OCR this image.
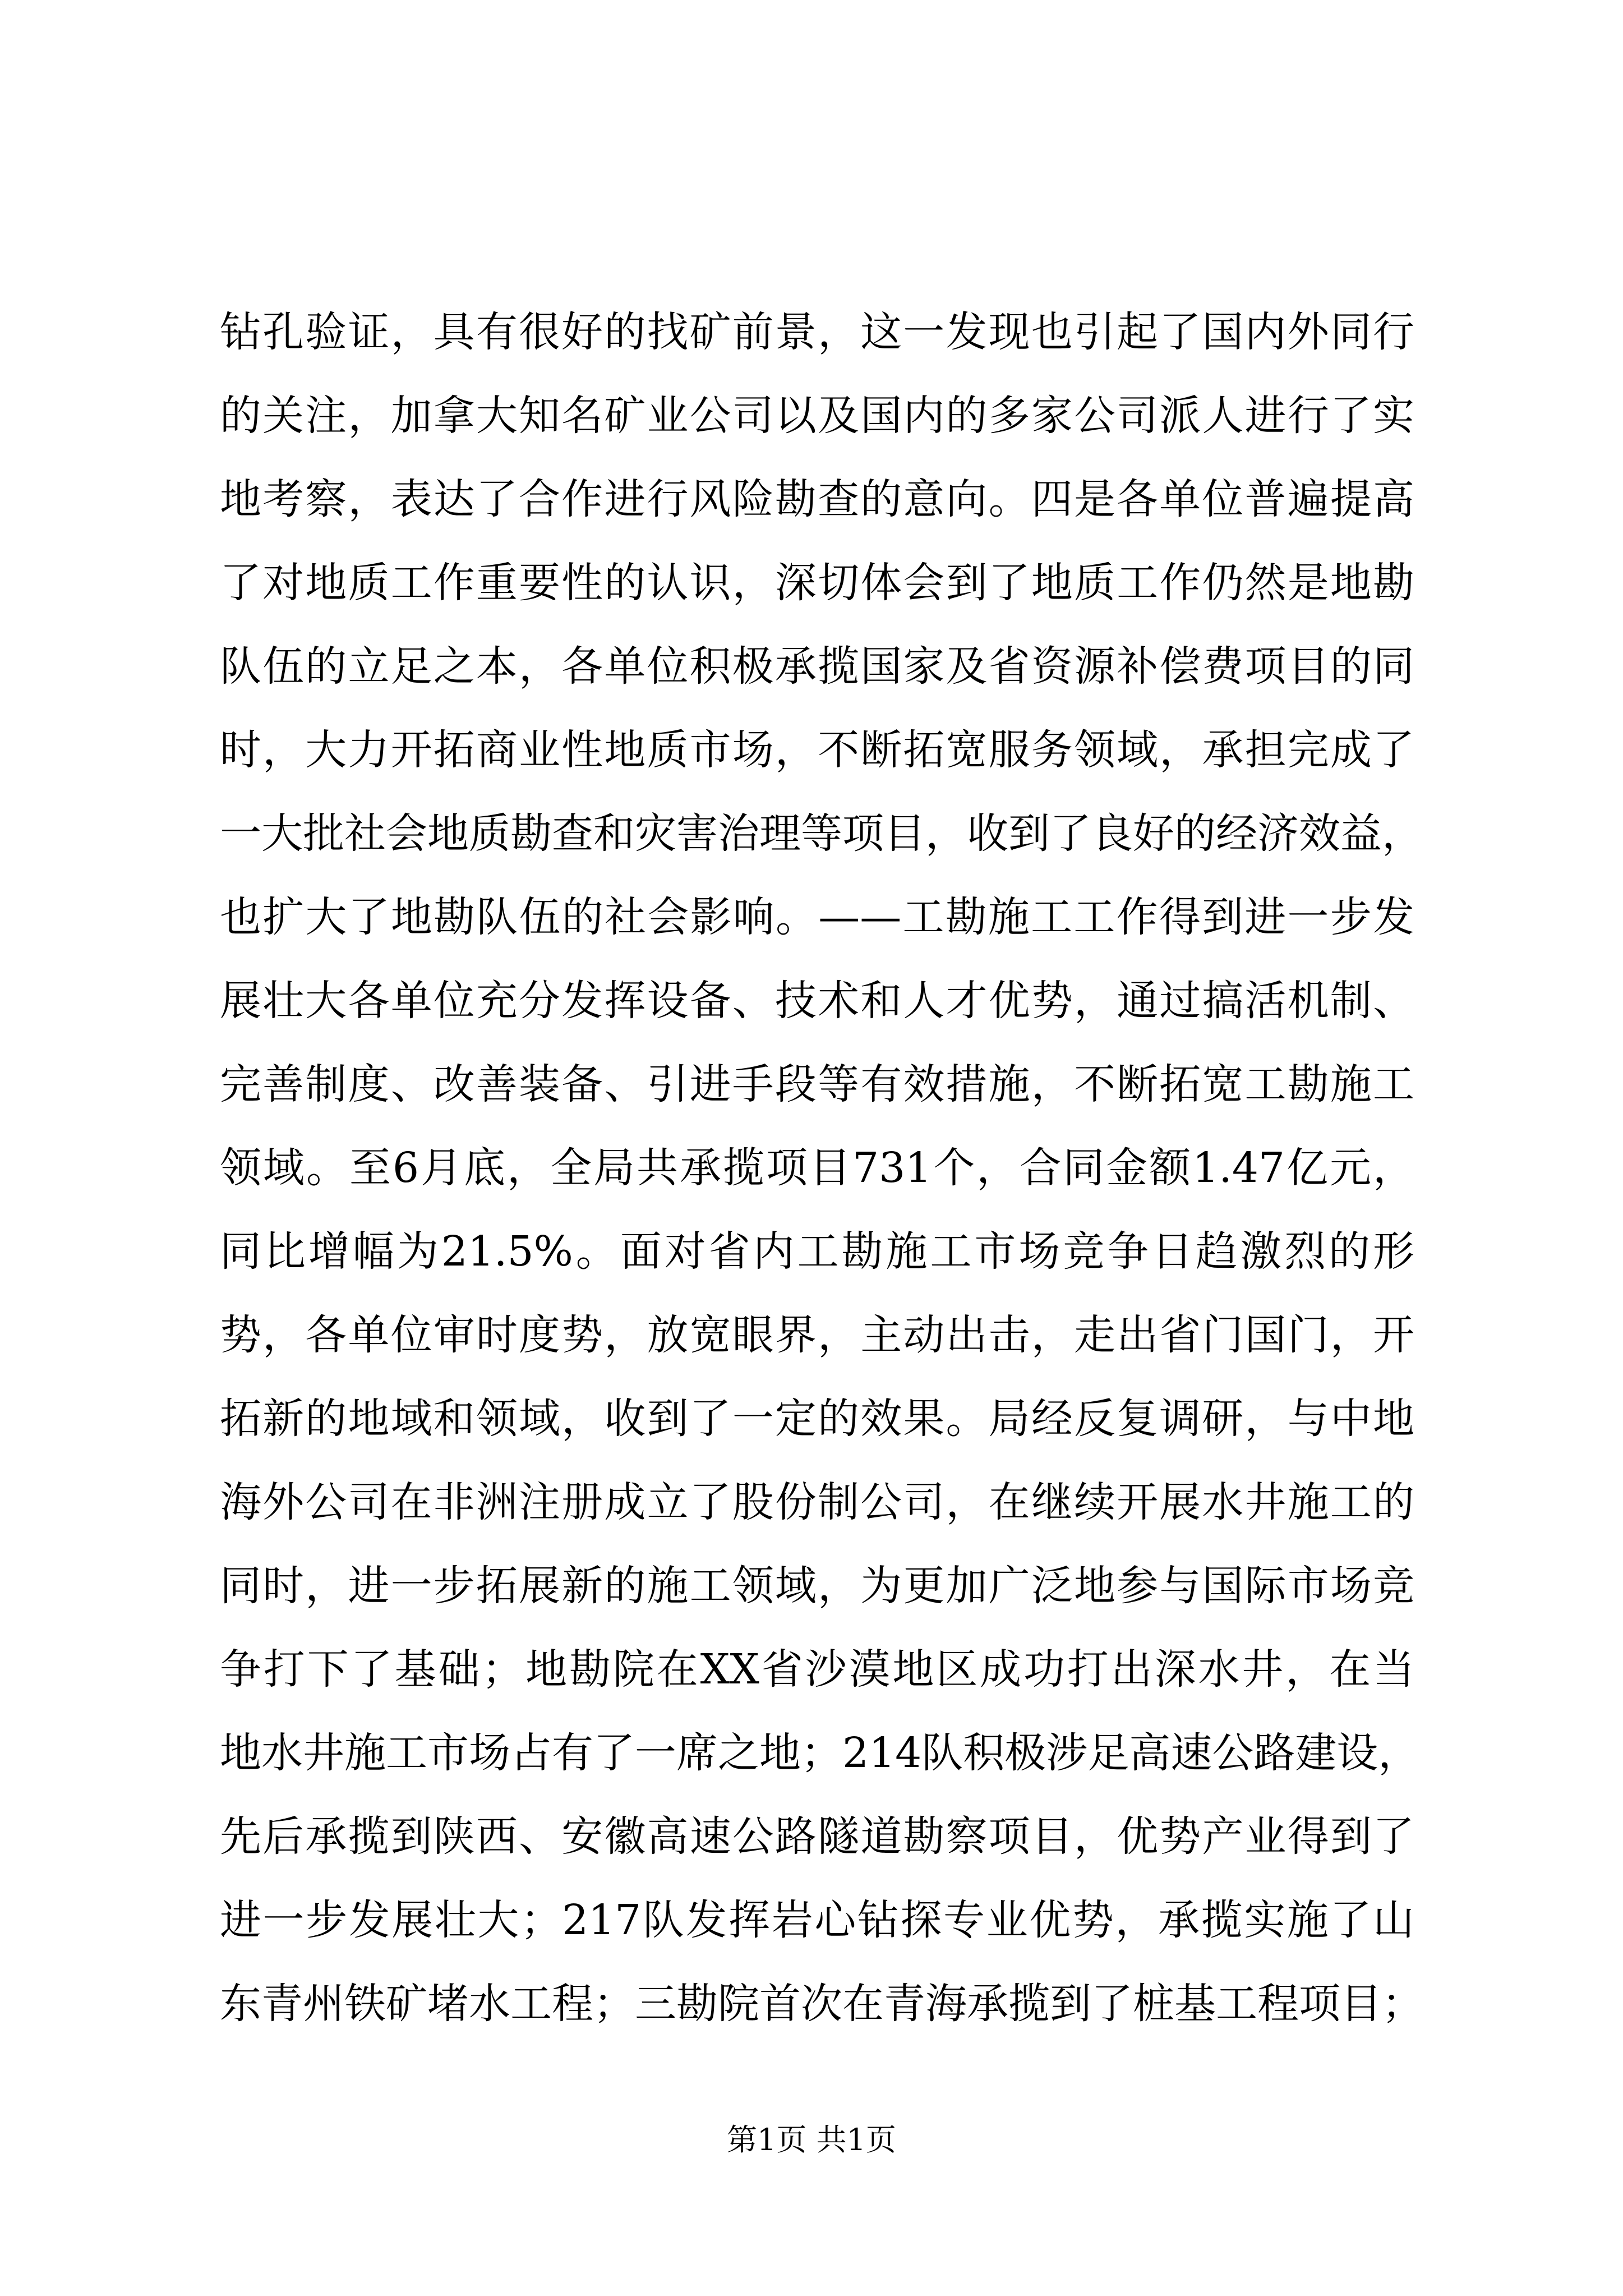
钻孔验证，具有很好的找矿前景，这一发现也引起了国内外同行
的关注，加拿大知名矿业公司以及国内的多家公司派人进行了实
地考察，表达了合作进行风险勘查的意向。四是各单位普遍提高
了对地质工作重要性的认识，深切体会到了地质工作仍然是地勘
队伍的立足之本，各单位积极承揽国家及省资源补偿费项目的同
时，大力开拓商业性地质市场，不断拓宽服务领域，承担完成了
一大批社会地质勘查和灾害治理等项目，收到了良好的经济效益，
也扩大了地勘队伍的社会影响。——工勘施工工作得到进一步发
展壮大各单位充分发挥设备、技术和人才优势，通过搞活机制、
完善制度、改善装备、引进手段等有效措施，不断拓宽工勘施工
领域。至6月底，全局共承揽项目731个，合同金额1.47亿元，
同比增幅为21.5%。面对省内工勘施工市场竞争日趋激烈的形
势，各单位审时度势，放宽眼界，主动出击，走出省门国门，开
拓新的地域和领域，收到了一定的效果。局经反复调研，与中地
海外公司在非洲注册成立了股份制公司，在继续开展水井施工的
同时，进一步拓展新的施工领域，为更加广泛地参与国际市场竞
争打下了基础；地勘院在XX省沙漠地区成功打出深水井，在当
地水井施工市场占有了一席之地；214队积极涉足高速公路建设，
先后承揽到陕西、安徽高速公路隧道勘察项目，优势产业得到了
进一步发展壮大；217队发挥岩心钻探专业优势，承揽实施了山
东青州铁矿堵水工程；三勘院首次在青海承揽到了桩基工程项目；
第1页 共1页
